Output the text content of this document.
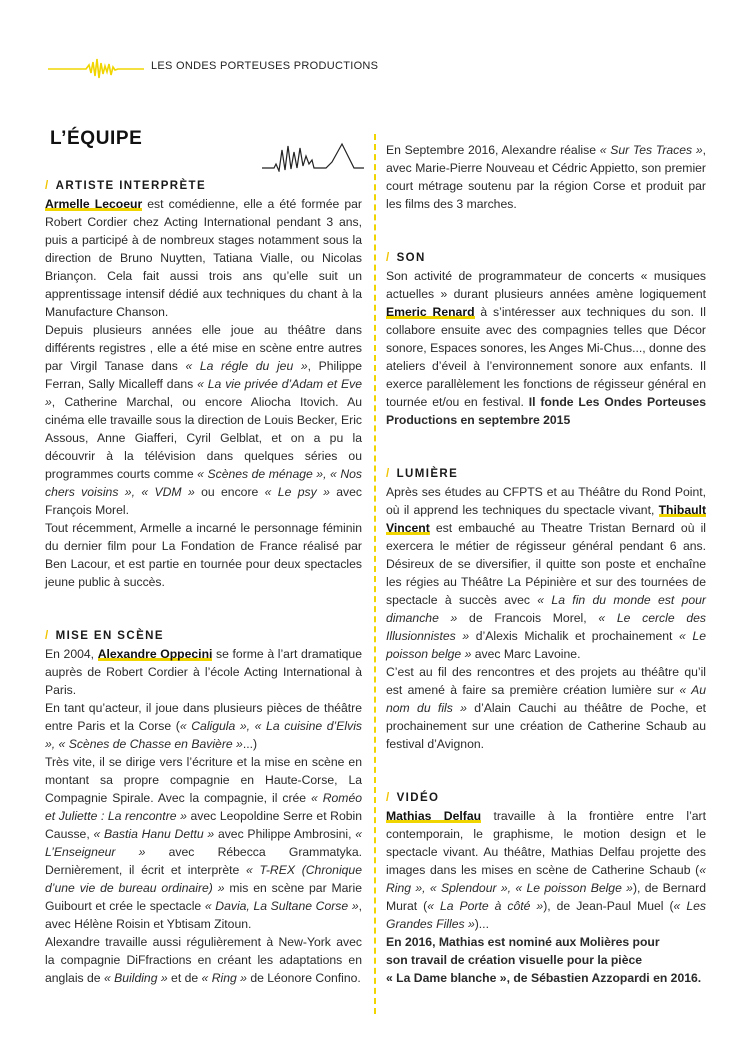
LES ONDES PORTEUSES PRODUCTIONS
L’ÉQUIPE
/ ARTISTE INTERPRÈTE

Armelle Lecoeur est comédienne, elle a été formée par Robert Cordier chez Acting International pendant 3 ans, puis a participé à de nombreux stages notamment sous la direction de Bruno Nuytten, Tatiana Vialle, ou Nicolas Briançon. Cela fait aussi trois ans qu’elle suit un apprentissage intensif dédié aux techniques du chant à la Manufacture Chanson.

Depuis plusieurs années elle joue au théâtre dans différents registres , elle a été mise en scène entre autres par Virgil Tanase dans « La régle du jeu », Philippe Ferran, Sally Micalleff dans « La vie privée d’Adam et Eve », Catherine Marchal, ou encore Aliocha Itovich. Au cinéma elle travaille sous la direction de Louis Becker, Eric Assous, Anne Giafferi, Cyril Gelblat, et on a pu la découvrir à la télévision dans quelques séries ou programmes courts comme « Scènes de ménage », « Nos chers voisins », « VDM » ou encore « Le psy » avec François Morel.

Tout récemment, Armelle a incarné le personnage féminin du dernier film pour La Fondation de France réalisé par Ben Lacour, et est partie en tournée pour deux spectacles jeune public à succès.

/ MISE EN SCÈNE

En 2004, Alexandre Oppecini se forme à l’art dramatique auprès de Robert Cordier à l’école Acting International à Paris.

En tant qu’acteur, il joue dans plusieurs pièces de théâtre entre Paris et la Corse (« Caligula », « La cuisine d’Elvis », « Scènes de Chasse en Bavière »...)

Très vite, il se dirige vers l’écriture et la mise en scène en montant sa propre compagnie en Haute-Corse, La Compagnie Spirale. Avec la compagnie, il crée « Roméo et Juliette : La rencontre » avec Leopoldine Serre et Robin Causse, « Bastia Hanu Dettu » avec Philippe Ambrosini, « L’Enseigneur » avec Rébecca Grammatyka. Dernièrement, il écrit et interprète « T-REX (Chronique d’une vie de bureau ordinaire) » mis en scène par Marie Guibourt et crée le spectacle « Davia, La Sultane Corse », avec Hélène Roisin et Ybtisam Zitoun.

Alexandre travaille aussi régulièrement à New-York avec la compagnie DiFfractions en créant les adaptations en anglais de « Building » et de « Ring » de Léonore Confino.

En Septembre 2016, Alexandre réalise « Sur Tes Traces », avec Marie-Pierre Nouveau et Cédric Appietto, son premier court métrage soutenu par la région Corse et produit par les films des 3 marches.

/ SON

Son activité de programmateur de concerts « musiques actuelles » durant plusieurs années amène logiquement Emeric Renard à s’intéresser aux techniques du son. Il collabore ensuite avec des compagnies telles que Décor sonore, Espaces sonores, les Anges Mi-Chus..., donne des ateliers d’éveil à l’environnement sonore aux enfants. Il exerce parallèlement les fonctions de régisseur général en tournée et/ou en festival. Il fonde Les Ondes Porteuses Productions en septembre 2015

/ LUMIÈRE

Après ses études au CFPTS et au Théâtre du Rond Point, où il apprend les techniques du spectacle vivant, Thibault Vincent est embauché au Theatre Tristan Bernard où il exercera le métier de régisseur général pendant 6 ans. Désireux de se diversifier, il quitte son poste et enchaîne les régies au Théâtre La Pépinière et sur des tournées de spectacle à succès avec « La fin du monde est pour dimanche » de Francois Morel, « Le cercle des Illusionnistes » d’Alexis Michalik et prochainement « Le poisson belge » avec Marc Lavoine.

C’est au fil des rencontres et des projets au théâtre qu’il est amené à faire sa première création lumière sur « Au nom du fils » d’Alain Cauchi au théâtre de Poche, et prochainement sur une création de Catherine Schaub au festival d’Avignon.

/ VIDÉO

Mathias Delfau travaille à la frontière entre l’art contemporain, le graphisme, le motion design et le spectacle vivant. Au théâtre, Mathias Delfau projette des images dans les mises en scène de Catherine Schaub (« Ring », « Splendour », « Le poisson Belge »), de Bernard Murat (« La Porte à côté »), de Jean-Paul Muel (« Les Grandes Filles »)...

En 2016, Mathias est nominé aux Molières pour
son travail de création visuelle pour la pièce
« La Dame blanche », de Sébastien Azzopardi en 2016.
